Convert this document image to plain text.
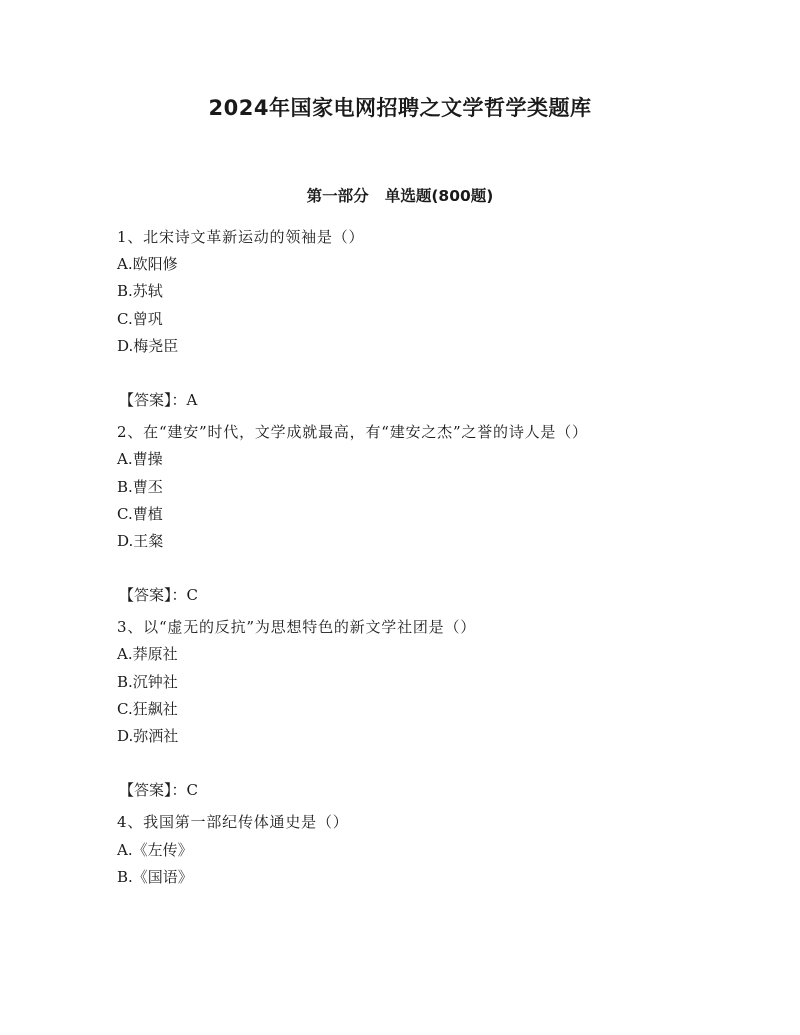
2024年国家电网招聘之文学哲学类题库
第一部分   单选题(800题)
1、北宋诗文革新运动的领袖是（）
A.欧阳修
B.苏轼
C.曾巩
D.梅尧臣
【答案】：A
2、在“建安”时代，文学成就最高，有“建安之杰”之誉的诗人是（）
A.曹操
B.曹丕
C.曹植
D.王粲
【答案】：C
3、以“虚无的反抗”为思想特色的新文学社团是（）
A.莽原社
B.沉钟社
C.狂飙社
D.弥洒社
【答案】：C
4、我国第一部纪传体通史是（）
A.《左传》
B.《国语》
